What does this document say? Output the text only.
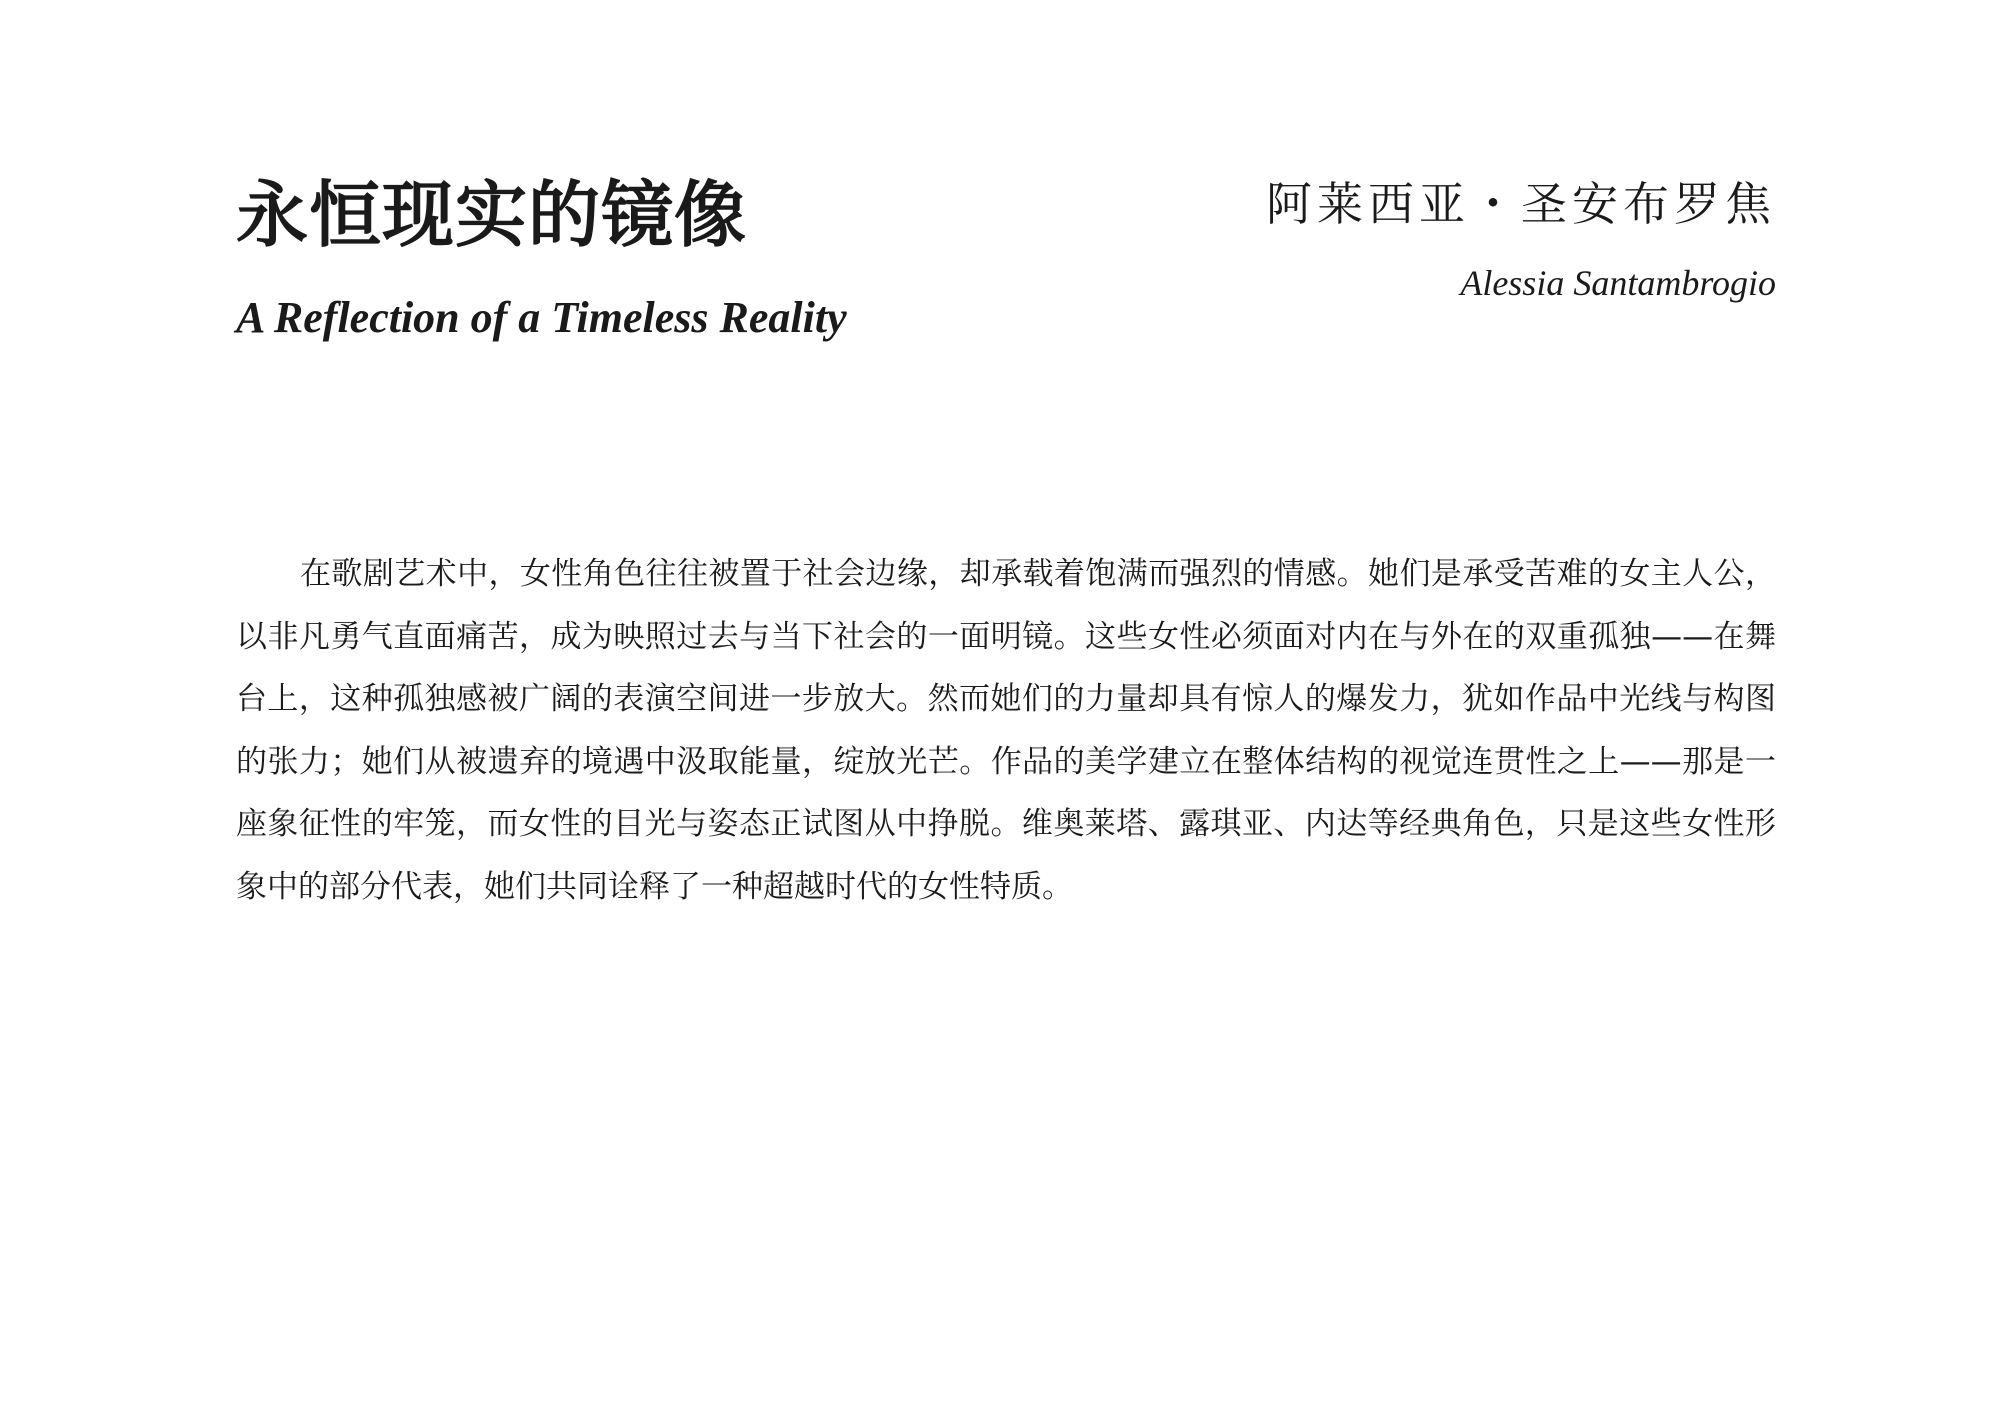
永恒现实的镜像
A Reflection of a Timeless Reality
阿莱西亚・圣安布罗焦
Alessia Santambrogio

在歌剧艺术中，女性角色往往被置于社会边缘，却承载着饱满而强烈的情感。她们是承受苦难的女主人公，以非凡勇气直面痛苦，成为映照过去与当下社会的一面明镜。这些女性必须面对内在与外在的双重孤独——在舞台上，这种孤独感被广阔的表演空间进一步放大。然而她们的力量却具有惊人的爆发力，犹如作品中光线与构图的张力；她们从被遗弃的境遇中汲取能量，绽放光芒。作品的美学建立在整体结构的视觉连贯性之上——那是一座象征性的牢笼，而女性的目光与姿态正试图从中挣脱。维奥莱塔、露琪亚、内达等经典角色，只是这些女性形象中的部分代表，她们共同诠释了一种超越时代的女性特质。
